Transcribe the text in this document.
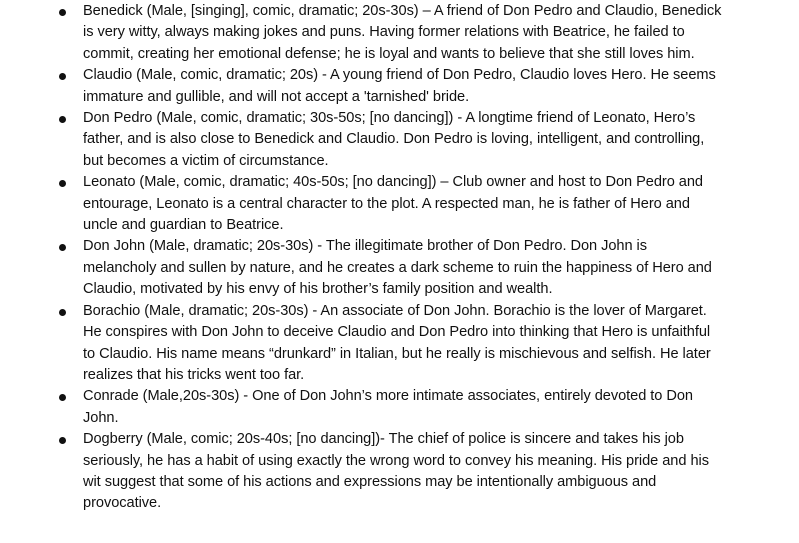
Benedick (Male, [singing], comic, dramatic; 20s-30s) – A friend of Don Pedro and Claudio, Benedick is very witty, always making jokes and puns. Having former relations with Beatrice, he failed to commit, creating her emotional defense; he is loyal and wants to believe that she still loves him.
Claudio (Male, comic, dramatic; 20s) - A young friend of Don Pedro, Claudio loves Hero. He seems immature and gullible, and will not accept a 'tarnished' bride.
Don Pedro (Male, comic, dramatic; 30s-50s; [no dancing]) - A longtime friend of Leonato, Hero’s father, and is also close to Benedick and Claudio. Don Pedro is loving, intelligent, and controlling, but becomes a victim of circumstance.
Leonato (Male, comic, dramatic; 40s-50s; [no dancing]) – Club owner and host to Don Pedro and entourage, Leonato is a central character to the plot. A respected man, he is father of Hero and uncle and guardian to Beatrice.
Don John (Male, dramatic; 20s-30s) - The illegitimate brother of Don Pedro. Don John is melancholy and sullen by nature, and he creates a dark scheme to ruin the happiness of Hero and Claudio, motivated by his envy of his brother’s family position and wealth.
Borachio (Male, dramatic; 20s-30s) - An associate of Don John. Borachio is the lover of Margaret. He conspires with Don John to deceive Claudio and Don Pedro into thinking that Hero is unfaithful to Claudio. His name means “drunkard” in Italian, but he really is mischievous and selfish. He later realizes that his tricks went too far.
Conrade (Male,20s-30s) - One of Don John’s more intimate associates, entirely devoted to Don John.
Dogberry (Male, comic; 20s-40s; [no dancing])- The chief of police is sincere and takes his job seriously, he has a habit of using exactly the wrong word to convey his meaning. His pride and his wit suggest that some of his actions and expressions may be intentionally ambiguous and provocative.
